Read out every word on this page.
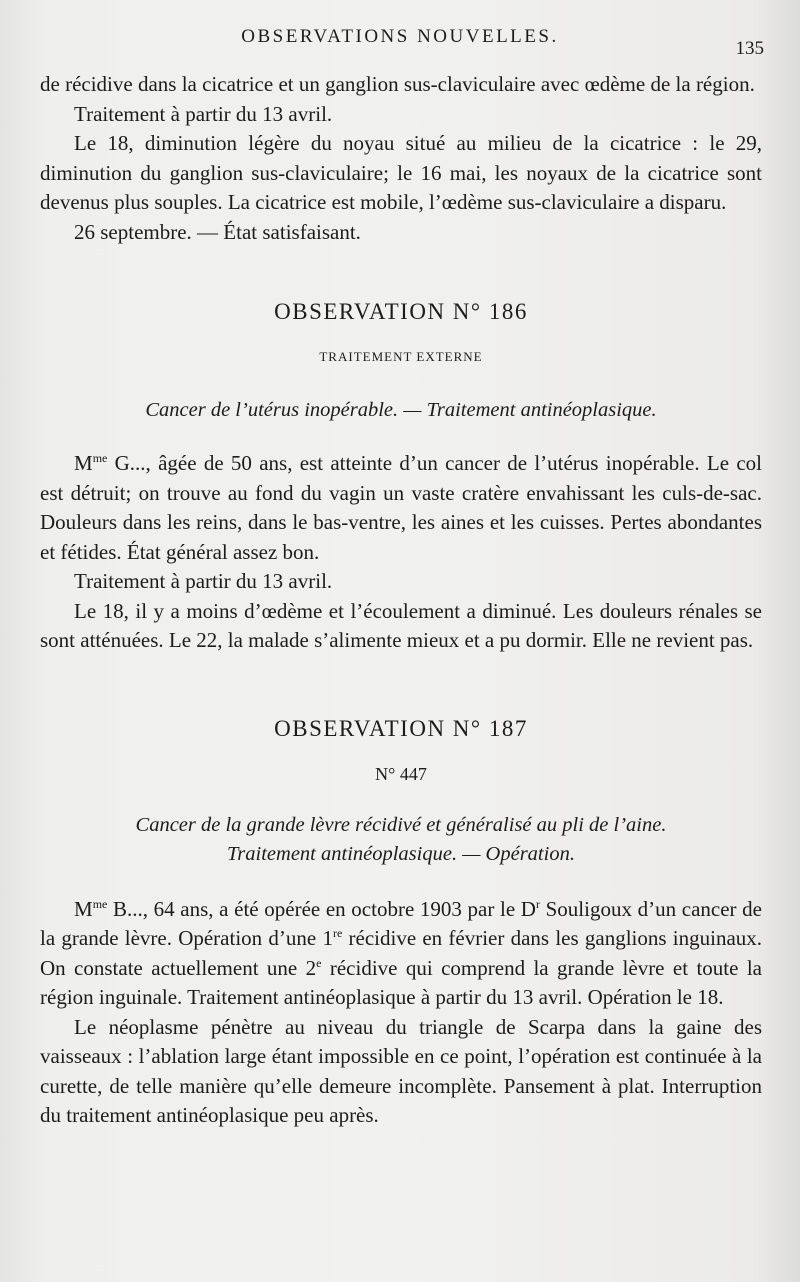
OBSERVATIONS NOUVELLES.
135

de récidive dans la cicatrice et un ganglion sus-claviculaire avec œdème de la région.

Traitement à partir du 13 avril.

Le 18, diminution légère du noyau situé au milieu de la cicatrice : le 29, diminution du ganglion sus-claviculaire; le 16 mai, les noyaux de la cicatrice sont devenus plus souples. La cicatrice est mobile, l’œdème sus-claviculaire a disparu.

26 septembre. — État satisfaisant.

OBSERVATION N° 186
TRAITEMENT EXTERNE
Cancer de l’utérus inopérable. — Traitement antinéoplasique.

$M^{me}$ G..., âgée de 50 ans, est atteinte d’un cancer de l’utérus inopérable. Le col est détruit; on trouve au fond du vagin un vaste cratère envahissant les culs-de-sac. Douleurs dans les reins, dans le bas-ventre, les aines et les cuisses. Pertes abondantes et fétides. État général assez bon.

Traitement à partir du 13 avril.

Le 18, il y a moins d’œdème et l’écoulement a diminué. Les douleurs rénales se sont atténuées. Le 22, la malade s’alimente mieux et a pu dormir. Elle ne revient pas.

OBSERVATION N° 187
N° 447
Cancer de la grande lèvre récidivé et généralisé au pli de l’aine.
Traitement antinéoplasique. — Opération.

$M^{me}$ B..., 64 ans, a été opérée en octobre 1903 par le $D^r$ Souligoux d’un cancer de la grande lèvre. Opération d’une 1re récidive en février dans les ganglions inguinaux. On constate actuellement une 2e récidive qui comprend la grande lèvre et toute la région inguinale. Traitement antinéoplasique à partir du 13 avril. Opération le 18.

Le néoplasme pénètre au niveau du triangle de Scarpa dans la gaine des vaisseaux : l’ablation large étant impossible en ce point, l’opération est continuée à la curette, de telle manière qu’elle demeure incomplète. Pansement à plat. Interruption du traitement antinéoplasique peu après.
